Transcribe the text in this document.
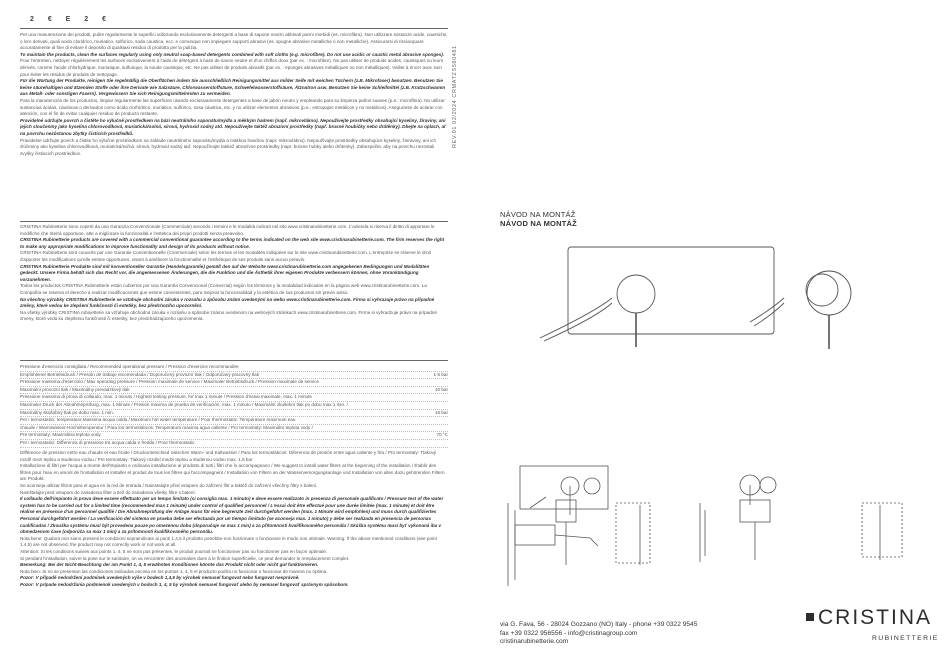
2 € E 2 €

Per una manutenzione dei prodotti, pulire regolarmente le superfici utilizzando esclusivamente detergenti a base di sapone neutro abbinati panni morbidi (es. microfibra). Non utilizzare sostanze acide, caustiche, o loro derivati, quali acido cloridrico, muriatico, solforico, soda caustica, ecc. e comunque non impiegare supporti abrasivi (es. spugne abrasive metalliche o non metalliche). Assicurarsi di risciacquare accuratamente al fine di evitare il deposito di qualsiasi residuo di prodotto per la pulizia.

To maintain the products, clean the surfaces regularly using only neutral soap-based detergents combined with soft cloths (e.g. microfibre). Do not use acidic or caustic metal abrasive sponges).

Pour l'entretien, nettoyer régulièrement les surfaces exclusivement à l'aide de détergent à base de savon neutre et d'un chiffon doux (par ex. : microfibre). Ne pas utiliser de produits acides, caustiques ou leurs dérivés, comme l'acide chlorhydrique, muriatique, sulfurique, la soude caustique, etc. Ne pas utiliser de produits abrasifs (par ex. : éponges abrasives métalliques ou non métalliques). Veiller à rincer avec soin pour éviter les résidus de produits de nettoyage.

Für die Wartung der Produkte, reinigen Sie regelmäßig die Oberflächen indem Sie ausschließlich Reinigungsmittel aus milder Seife mit weichen Tüchern (z.B. Mikrofaser) benutzen. Benutzen Sie keine säurehaltigen und ätzenden Stoffe oder ihre Derivate wie Salzsäure, Chlorwasserstoffsäure, Schwefelwasserstoffsäure, Ätznatron usw. Benutzen Sie keine Schleifmittel (z.B. Kratzschwamm aus Metall- oder sonstigen Fasern). Vergewissern Sie sich Reinigungsmittelresten zu vermeiden.

Para la manutención de los productos, limpiar regularmente las superficies usando exclusivamente detergentes a base de jabón neutro y empleando para su limpieza paños suaves (p.e.: microfibra). No utilizar sustancias ácidas, cáusticas o derivados como ácido clorhídrico, muriático, sulfúrico, sosa cáustica, etc. y no utilizar elementos abrasivos (p.e.: estropajos metálicos y no metálicos). Asegurarse de aclarar con atención, con el fin de evitar cualquier residuo de producto restante.

Pravidelné udržujte povrch a čistěte ho výlučně prostředkem na bázi neutrálního saponátu/mýdla a měkkým hadrem (např. mikrovlákno). Nepoužívejte prostředky obsahující kyseliny, žíraviny, ani jejich sloučeniny jako kyselina chlorovodíková, muriatická/solná, sírová, hydroxid sodný atd. Nepoužívejte taktéž abrazivní prostředky (např. brusné houbičky nebo drátěnky). Dbejte na oplach, ať na povrchu nezůstanou zbytky čisticích prostředků.

Pravidelne udržujte povrch a čistite ho výlučne prostriedkom na základe neutrálneho saponátu/mydla a mäkkou handrou (napr. mikrovlákno). Nepoužívajte prostriedky obsahujúce kyseliny, žieraviny, ani ich zlúčeniny ako kyselina chlorovodíková, muriatická/soľná, sírová, hydroxid sodný atď. Nepoužívajte taktiež abrazívne prostriedky (napr. brúsne hubky alebo drôtenky). Zabezpečte, aby na povrchu nezostali zvyšky čistiacich prostriedkov.

REV.01 02/2024 CRMATZS580481

CRISTINA Rubinetterie sono coperti da una Garanzia Convenzionale (Commerciale) secondo i termini e le modalità indicati nel sito www.cristinarubinetterie.com. L'azienda si riserva il diritto di apportare le modifiche che riterrà opportune, atte a migliorare la funzionalità e l'estetica dei propri prodotti senza preavviso.

CRISTINA Rubinetterie products are covered with a commercial conventional guarantee according to the terms indicated on the web site www.cristinarubinetterie.com. The firm reserves the right to make any appropriate modifications to improve functionality and design of its products without notice.

CRISTINA Rubinetterie sont couverts par une Garantie Conventionnelle (Commerciale) selon les termes et les modalités indiquées sur le site www.cristinarubinetterie.com. L'entreprise se réserve le droit d'apporter les modifications qu'elle estime opportunes, visant à améliorer la fonctionnalité et l'esthétique de ses produits sans aucun préavis.

CRISTINA Rubinetterie Produkte sind mit konventioneller Garantie (Handelsgarantie) gemäß den auf der Website www.cristinarubinetterie.com angegebenen Bedingungen und Modalitäten gedeckt. Unsere Firma behält sich das Recht vor, die angemessenen Änderungen, die die Funktion und die Ästhetik ihrer eigenen Produkte verbessern können, ohne Vorankündigung vorzunehmen.

Todos los productos CRISTINA Rubinetterie están cubiertos por una Garantía Convencional (Comercial) según los términos y la modalidad indicados en la página web www.cristinarubinetterie.com. La Compañía se reserva el derecho a realizar modificaciones que estime convenientes, para mejorar la funcionalidad y la estética de sus productos sin previo aviso.

Na všechny výrobky CRISTINA Rubinetterie se vztahuje obchodní záruka v rozsahu a způsobu známí uvedenými na webu www.cristinarubinetterie.com. Firma si vyhrazuje právo na případné změny, které vedou ke zlepšení funkčnosti či estetiky, bez předchozího upozornění.

Na všetky výrobky CRISTINA rubinetterie sa vzťahuje obchodná záruka v rozsahu a spôsobe známo uvedenom na webových stránkach www.cristinarubinetterie.com. Firma si vyhradzuje právo na prípadné zmeny, ktoré vedú ku zlepšeniu funkčnosti či estetiky, bez predchádzajúceho upozornenia.

Pressione d'esercizio consigliata / Recommended operational pressure / Pression d'exercice recommandée
Empfohlener Betriebsdruck / Presión de trabajo recomendada / Doporučený provozní tlak / Odporúčaný pracovný tlak	1-5 bar
Pressione massima d'esercizio / Max operating pressure / Pression maximale de service / Maximaler Betriebsdruck / Pression maximale de service
Maximální provozní tlak / Maximálny prevádzkový tlak	10 bar
Pressione massima di prova di collaudo, max. 1 minuto / Highest testing pressure, for max 1 minute / Pression d'essai maximale, max. 1 minute
Maximaler Druck der Abnahmeprüfung, max. 1 Minute / Presión máxima de prueba de verificación, máx. 1 minuto / Maximální zkušební tlak po dobu max 1 min. /
Maximálny skúšobný tlak po dobu max. 1 min.	16 bar
Per i termostatici: temperatura Massima acqua calda / Maximum hot water temperature / Pour thermostatic: Température maximum eau
chaude / Warmwasser-Höchsttemperatur / Para los termostáticos: Temperatura máxima agua caliente / Pro termostaty: Maximální teplota vody /
Pre termostaty: Maximálna teplota vody	70 °C
Per i termostatici: Differenza di pressione tra acqua calda e fredda / Pour thermostatic:

Différence de pression entre eau chaude et eau froide / Druckunterschied zwischen Warm- und Kaltwasser / Para los termostáticos: Diferencia de presión entre agua caliente y fría / Pro termostaty: Tlakový rozdíl mezi teplou a studenou vodou / Pre termostaty: Tlakový rozdiel medzi teplou a studenou vodou max. 1,5 bar

Installazione di filtri per l'acqua a monte dell'impianto e ordinaria installazione al prodotto di tutti i filtri che lo accompagnano / We suggest to install water filters at the beginning of the installation / Établir des filtres pour l'eau en amont de l'installation et installer et produit de tous les filtres qui l'accompagnent / Installation von Filtern an der Wasserversorgungsanlage und Installation von allen dazu gehörenden Filtern am Produkt.

Se aconseja utilizar filtros para el agua en la red de entrada / Nainstalujte před vstupem do zařízení filtr a taktéž do zařízení všechny filtry s balení.

Nainštalujte pred vstupom do zariadenia filter a tiež do zariadenia všetky filtre s balení.

Il collaudo dell'impianto in prova deve essere effettuato per un tempo limitato (si consiglia max. 1 minuto) e deve essere realizzato in presenza di personale qualificato / Pressure test of the water system has to be carried out for a limited time (recommended max 1 minute) under control of qualified personnel / L'essai doit être effectué pour une durée limitée (max. 1 minute) et doit être réalisé en présence d'un personnel qualifié / Die Abnahmeprüfung der Anlage muss für eine begrenzte Zeit durchgeführt werden (max. 1 Minute wird empfohlen) und muss durch qualifiziertes Personal durchgeführt werden / La verificación del sistema en prueba debe ser efectuada por un tiempo limitado (se aconseja max. 1 minuto) y debe ser realizada en presencia de personas cualificadas / Zkouška systému musí být provedena pouze po omezenou dobu (doporučuje se max 1 min) a za přítomnosti kvalifikovaného personálu / Skúška systému musí byť vykonaná iba v obmedzenom čase (odporúča sa max 1 min) a za prítomnosti kvalifikovaného personálu.

Nota bene: Qualora non siano presenti le condizioni sopraindicate ai punti 1,4,5 il prodotto potrebbe non funzionare o funzionare in modo non ottimale. Warning: If the above mentioned conditions (see point 1,4,5) are not observed, the product may not correctly work or not work at all.

Attention: Si les conditions suivies aux points 1, 4, 5 ne sont pas présentes, le produit pourrait ne fonctionner pas ou fonctionner pas en façon optimale.

Si pendant l'installation, suivre la pose sur le sanitaire, on va rencontrer des anomalies dues à le finition superficielle, ce peut demander le remplacement complet.

Bemerkung: Bei der Nicht-Beachtung der am Punkt 1, 4, 5 erwähnten Konditionen könnte das Produkt nicht oder nicht gut funktionieren.

Nota bien: Si no se presentan las condiciones indicadas encima en los puntos 1, 4, 5 el producto podría no funcionar o funcionar de manera no óptima.

Pozor: V případě nedodržení podmínek uvedených výše v bodech 1,4,5 by výrobek nemusel fungovat nebo fungovat nesprávně.

Pozor: V prípade nedodržania podmienok uvedených v bodoch 1, 4, 5 by výrobok nemusel fungovať alebo by nemusel fungovať správnym spôsobom.

NÁVOD NA MONTÁŽ
NÁVOD NA MONTÁŽ
via G. Fava, 56 - 28024 Gozzano (NO) Italy - phone +39 0322 9545
fax +39 0322 956556 - info@cristinagroup.com
cristinarubinetterie.com
CRISTINA
RUBINETTERIE
